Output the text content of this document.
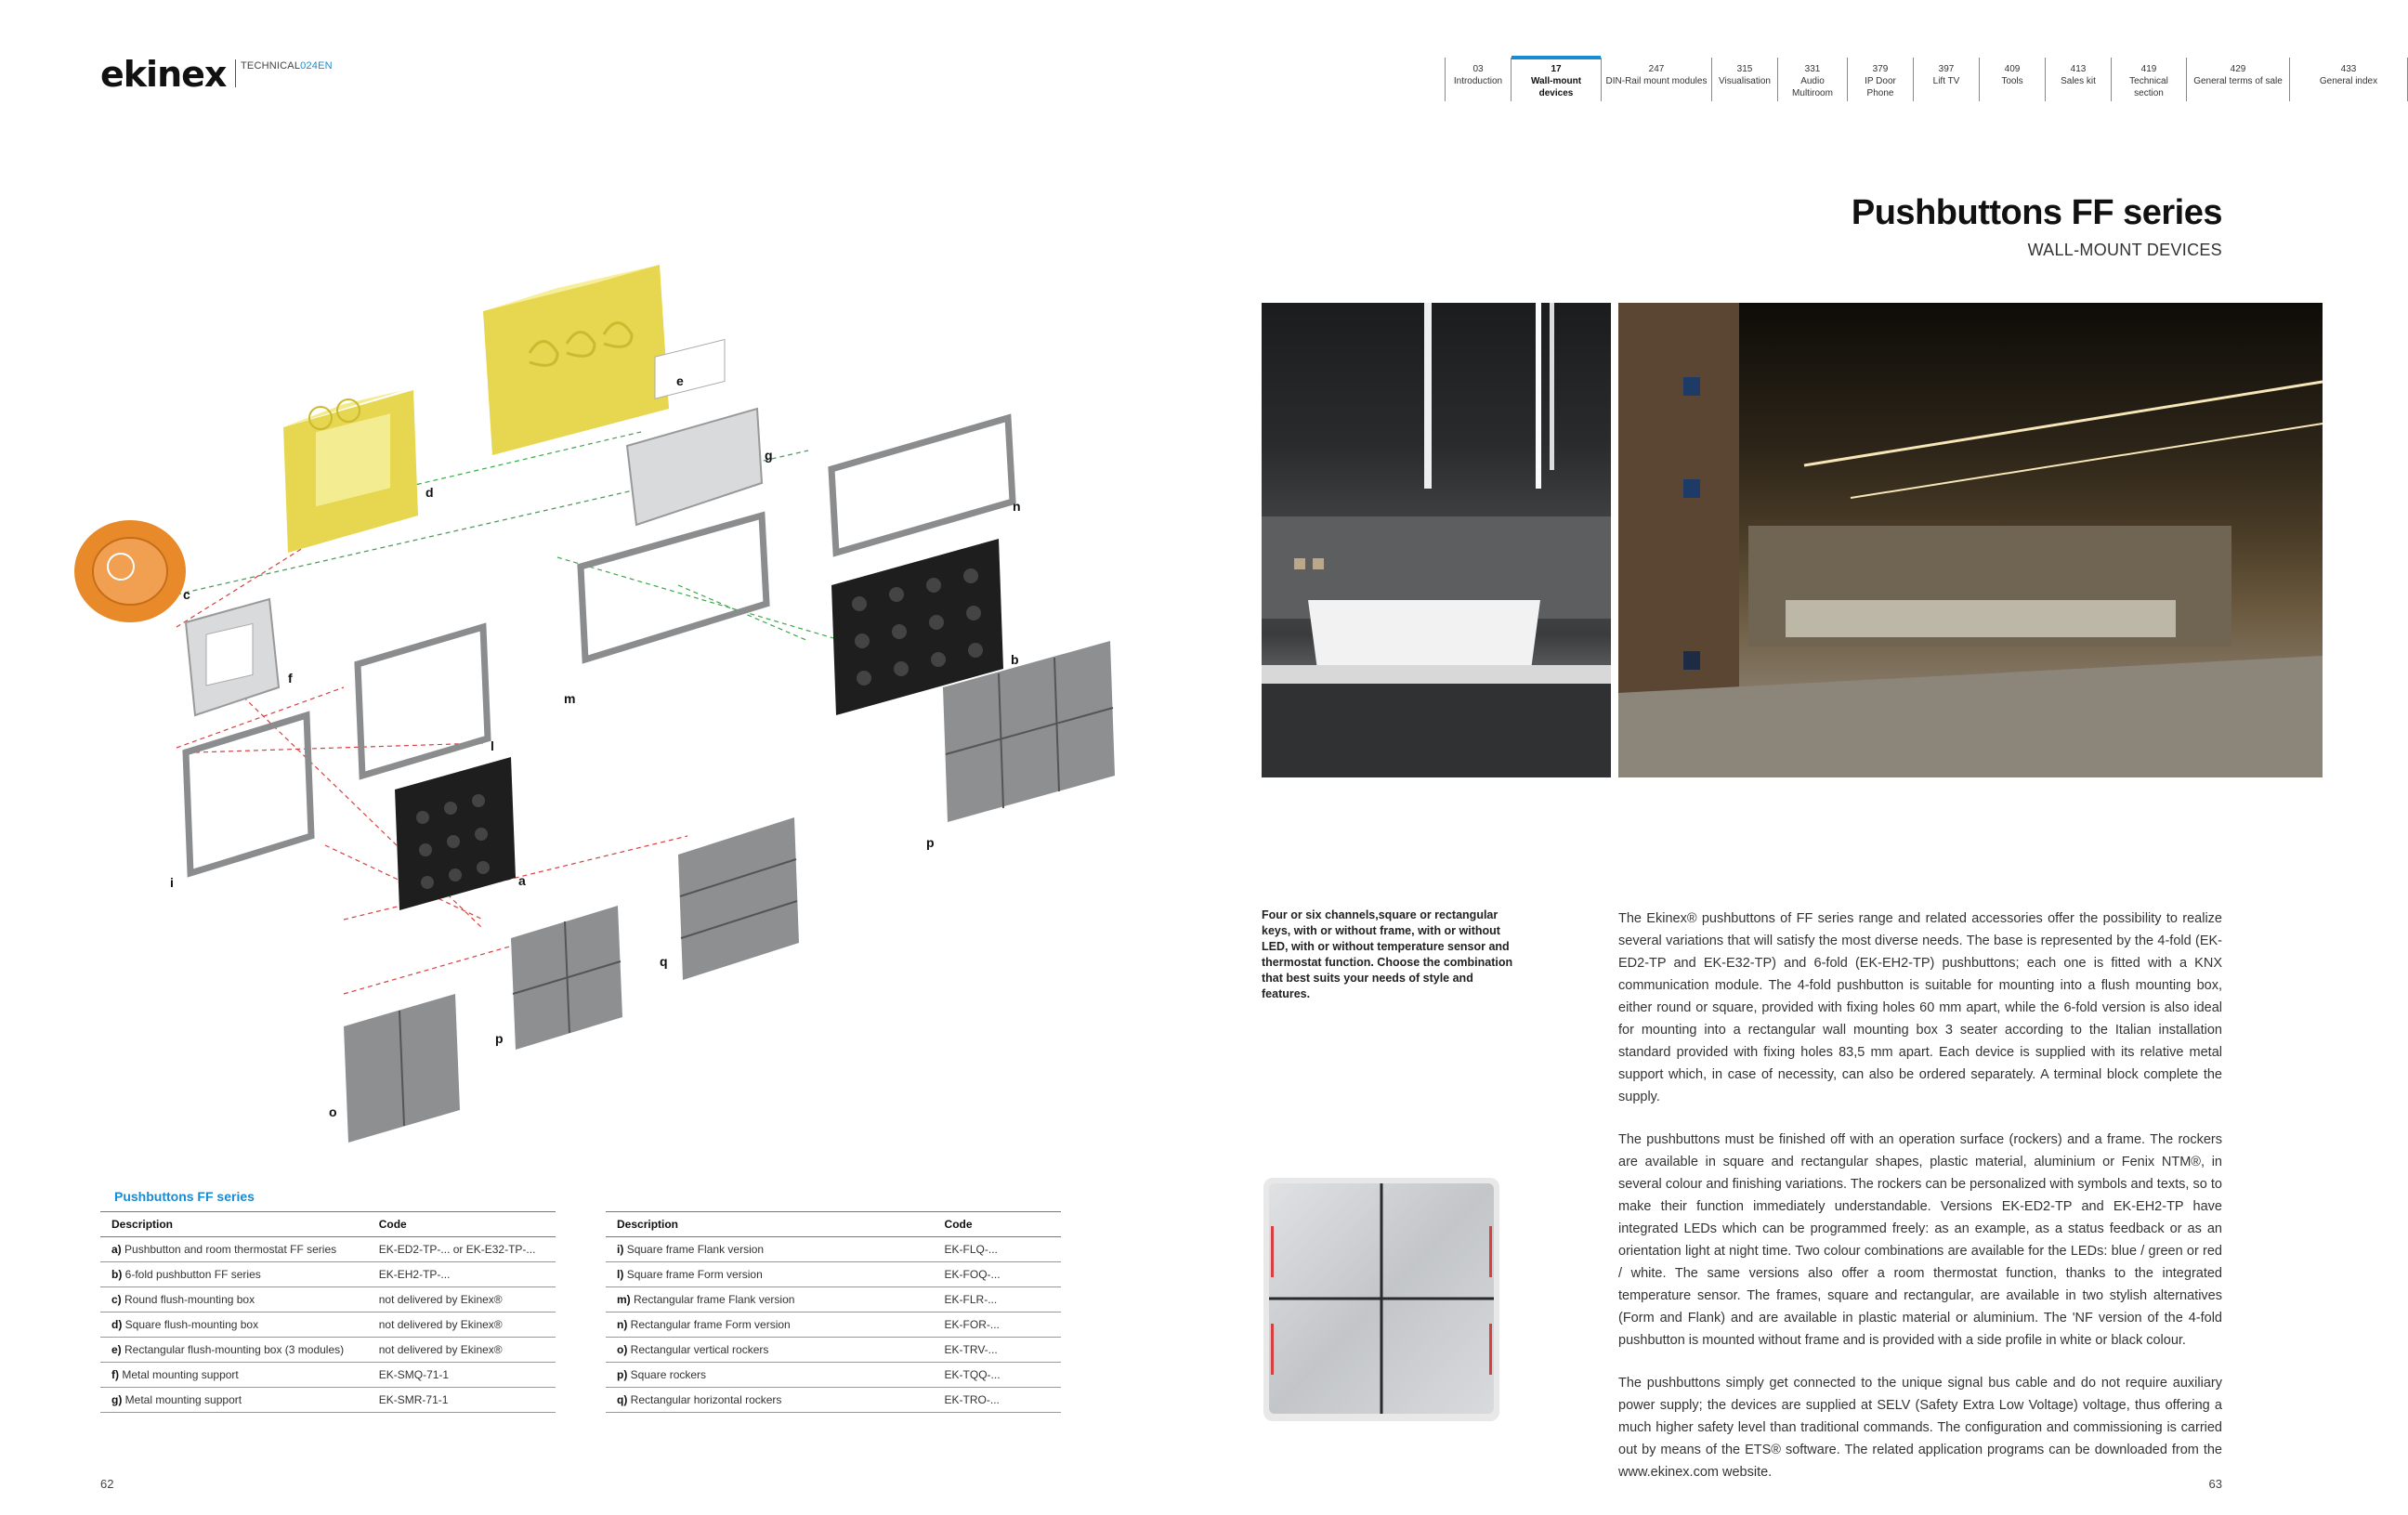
ekinex TECHNICAL024EN	03
Introduction
17
Wall-mount devices
247
DIN-Rail mount modules
315
Visualisation
331
Audio Multiroom
379
IP Door Phone
397
Lift TV
409
Tools
413
Sales kit
419
Technical section
429
General terms of sale
433
General index
Pushbuttons FF series
WALL-MOUNT DEVICES
a
b
c
d
e
f
g
i
l
m
n
o
p
p
q
Four or six channels,square or rectangular keys, with or without frame, with or without LED, with or without temperature sensor and thermostat function. Choose the combination that best suits your needs of style and features.

The Ekinex® pushbuttons of FF series range and related accessories offer the possibility to realize several variations that will satisfy the most diverse needs. The base is represented by the 4-fold (EK-ED2-TP and EK-E32-TP) and 6-fold (EK-EH2-TP) pushbuttons; each one is fitted with a KNX communication module. The 4-fold pushbutton is suitable for mounting into a flush mounting box, either round or square, provided with fixing holes 60 mm apart, while the 6-fold version is also ideal for mounting into a rectangular wall mounting box 3 seater according to the Italian installation standard provided with fixing holes 83,5 mm apart. Each device is supplied with its relative metal support which, in case of necessity, can also be ordered separately. A terminal block complete the supply.

The pushbuttons must be finished off with an operation surface (rockers) and a frame. The rockers are available in square and rectangular shapes, plastic material, aluminium or Fenix NTM®, in several colour and finishing variations. The rockers can be personalized with symbols and texts, so to make their function immediately understandable. Versions EK-ED2-TP and EK-EH2-TP have integrated LEDs which can be programmed freely: as an example, as a status feedback or as an orientation light at night time. Two colour combinations are available for the LEDs: blue / green or red / white. The same versions also offer a room thermostat function, thanks to the integrated temperature sensor. The frames, square and rectangular, are available in two stylish alternatives (Form and Flank) and are available in plastic material or aluminium. The 'NF version of the 4-fold pushbutton is mounted without frame and is provided with a side profile in white or black colour.

The pushbuttons simply get connected to the unique signal bus cable and do not require auxiliary power supply; the devices are supplied at SELV (Safety Extra Low Voltage) voltage, thus offering a much higher safety level than traditional commands. The configuration and commissioning is carried out by means of the ETS® software. The related application programs can be downloaded from the www.ekinex.com website.

Pushbuttons FF series
Description	Code
a) Pushbutton and room thermostat FF series	EK-ED2-TP-... or EK-E32-TP-...
b) 6-fold pushbutton FF series	EK-EH2-TP-...
c) Round flush-mounting box	not delivered by Ekinex®
d) Square flush-mounting box	not delivered by Ekinex®
e) Rectangular flush-mounting box (3 modules)	not delivered by Ekinex®
f) Metal mounting support	EK-SMQ-71-1
g) Metal mounting support	EK-SMR-71-1
Description	Code
i) Square frame Flank version	EK-FLQ-...
l) Square frame Form version	EK-FOQ-...
m) Rectangular frame Flank version	EK-FLR-...
n) Rectangular frame Form version	EK-FOR-...
o) Rectangular vertical rockers	EK-TRV-...
p) Square rockers	EK-TQQ-...
q) Rectangular horizontal rockers	EK-TRO-...
62	63
